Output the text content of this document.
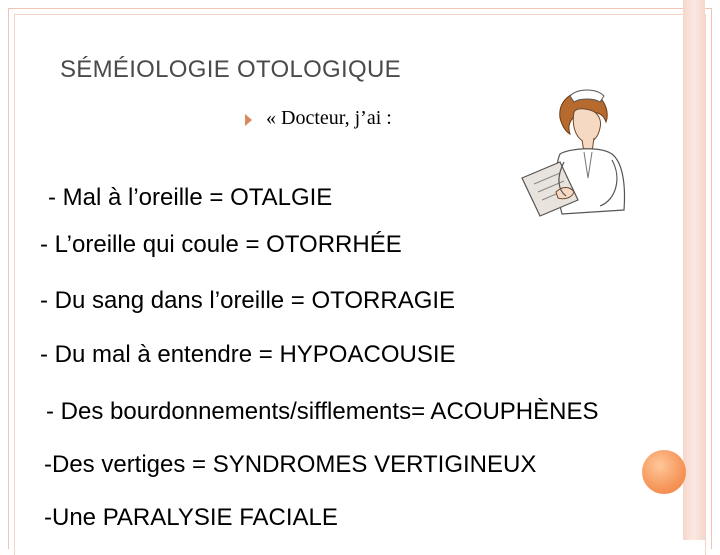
SÉMÉIOLOGIE OTOLOGIQUE
« Docteur, j’ai :
- Mal à l’oreille = OTALGIE
- L’oreille qui coule = OTORRHÉE
- Du sang dans l’oreille = OTORRAGIE
- Du mal à entendre = HYPOACOUSIE
- Des bourdonnements/sifflements= ACOUPHÈNES
-Des vertiges = SYNDROMES VERTIGINEUX
-Une PARALYSIE FACIALE
